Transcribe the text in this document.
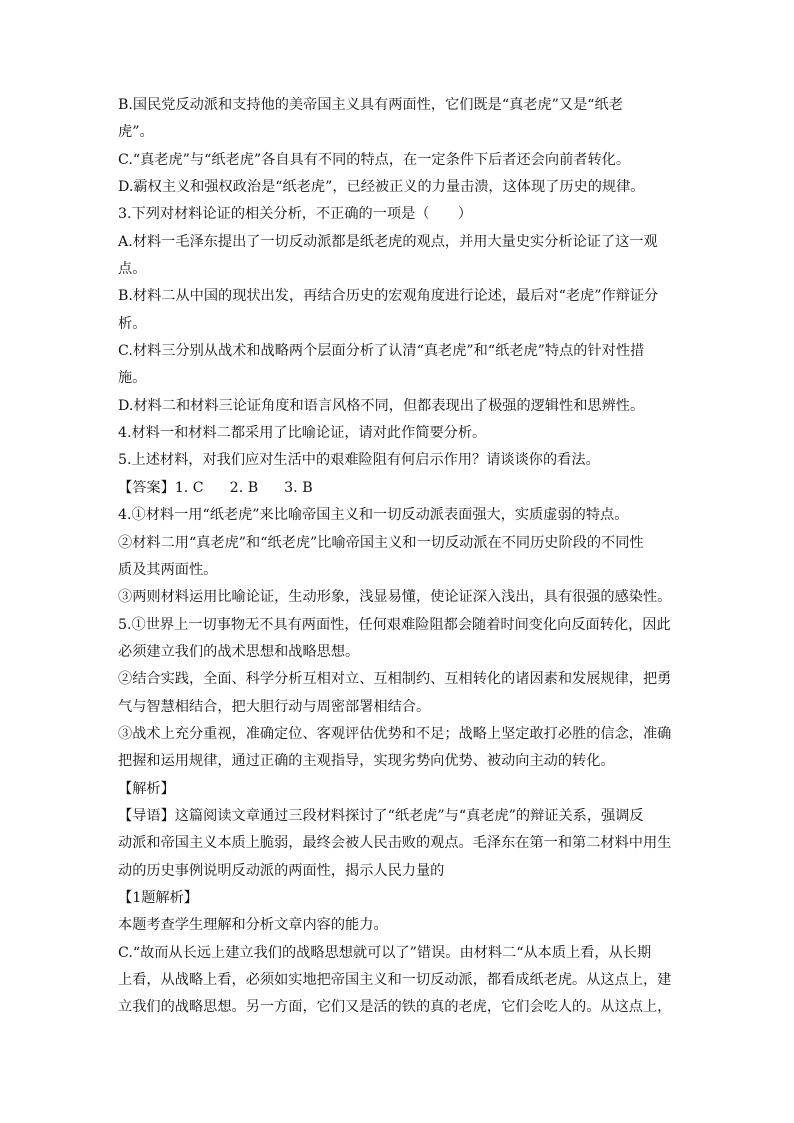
B.国民党反动派和支持他的美帝国主义具有两面性，它们既是“真老虎”又是“纸老
虎”。
C.“真老虎”与“纸老虎”各自具有不同的特点，在一定条件下后者还会向前者转化。
D.霸权主义和强权政治是“纸老虎”，已经被正义的力量击溃，这体现了历史的规律。
3.下列对材料论证的相关分析，不正确的一项是（　　）
A.材料一毛泽东提出了一切反动派都是纸老虎的观点，并用大量史实分析论证了这一观
点。
B.材料二从中国的现状出发，再结合历史的宏观角度进行论述，最后对“老虎”作辩证分
析。
C.材料三分别从战术和战略两个层面分析了认清“真老虎”和“纸老虎”特点的针对性措
施。
D.材料二和材料三论证角度和语言风格不同，但都表现出了极强的逻辑性和思辨性。
4.材料一和材料二都采用了比喻论证，请对此作简要分析。
5.上述材料，对我们应对生活中的艰难险阻有何启示作用？请谈谈你的看法。
【答案】1. C 2. B 3. B
4.①材料一用“纸老虎”来比喻帝国主义和一切反动派表面强大，实质虚弱的特点。
②材料二用“真老虎”和“纸老虎”比喻帝国主义和一切反动派在不同历史阶段的不同性
质及其两面性。
③两则材料运用比喻论证，生动形象，浅显易懂，使论证深入浅出，具有很强的感染性。
5.①世界上一切事物无不具有两面性，任何艰难险阻都会随着时间变化向反面转化，因此
必须建立我们的战术思想和战略思想。
②结合实践，全面、科学分析互相对立、互相制约、互相转化的诸因素和发展规律，把勇
气与智慧相结合，把大胆行动与周密部署相结合。
③战术上充分重视，准确定位、客观评估优势和不足；战略上坚定敢打必胜的信念，准确
把握和运用规律，通过正确的主观指导，实现劣势向优势、被动向主动的转化。
【解析】
【导语】这篇阅读文章通过三段材料探讨了“纸老虎”与“真老虎”的辩证关系，强调反
动派和帝国主义本质上脆弱，最终会被人民击败的观点。毛泽东在第一和第二材料中用生
动的历史事例说明反动派的两面性，揭示人民力量的
【1题解析】
本题考查学生理解和分析文章内容的能力。
C.“故而从长远上建立我们的战略思想就可以了”错误。由材料二“从本质上看，从长期
上看，从战略上看，必须如实地把帝国主义和一切反动派，都看成纸老虎。从这点上，建
立我们的战略思想。另一方面，它们又是活的铁的真的老虎，它们会吃人的。从这点上，
